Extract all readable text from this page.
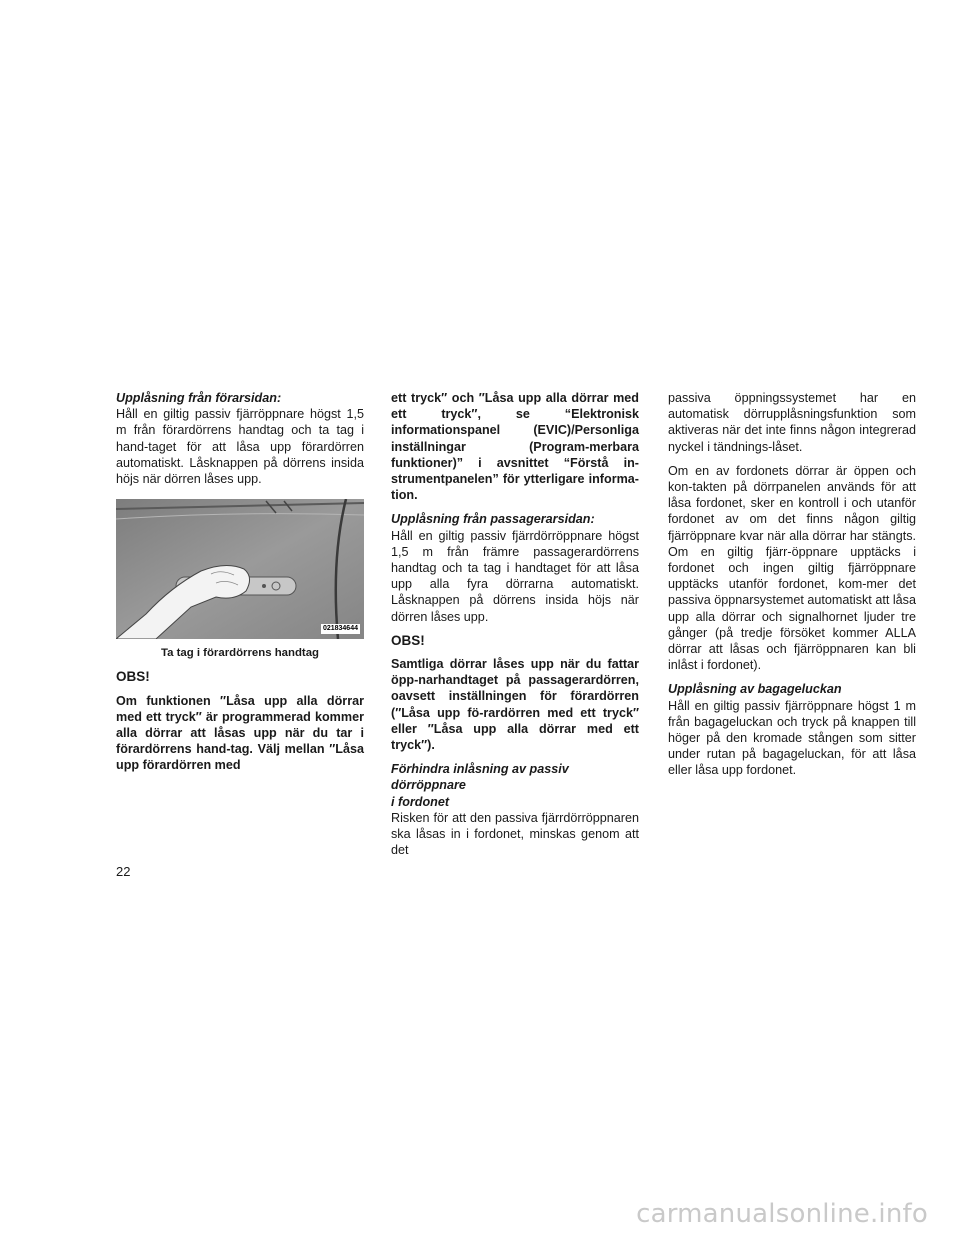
Upplåsning från förarsidan:

Håll en giltig passiv fjärröppnare högst 1,5 m från förardörrens handtag och ta tag i hand-taget för att låsa upp förardörren automatiskt. Låsknappen på dörrens insida höjs när dörren låses upp.

021834644
Ta tag i förardörrens handtag
OBS!

Om funktionen ″Låsa upp alla dörrar med ett tryck″ är programmerad kommer alla dörrar att låsas upp när du tar i förardörrens hand-tag. Välj mellan ″Låsa upp förardörren med

ett tryck″ och ″Låsa upp alla dörrar med ett tryck″, se “Elektronisk informationspanel (EVIC)/Personliga inställningar (Program-merbara funktioner)” i avsnittet “Förstå in-strumentpanelen” för ytterligare informa-tion.

Upplåsning från passagerarsidan:

Håll en giltig passiv fjärrdörröppnare högst 1,5 m från främre passagerardörrens handtag och ta tag i handtaget för att låsa upp alla fyra dörrarna automatiskt. Låsknappen på dörrens insida höjs när dörren låses upp.

OBS!

Samtliga dörrar låses upp när du fattar öpp-narhandtaget på passagerardörren, oavsett inställningen för förardörren (″Låsa upp fö-rardörren med ett tryck″ eller ″Låsa upp alla dörrar med ett tryck″).

Förhindra inlåsning av passiv dörröppnare
i fordonet

Risken för att den passiva fjärrdörröppnaren ska låsas in i fordonet, minskas genom att det

passiva öppningssystemet har en automatisk dörrupplåsningsfunktion som aktiveras när det inte finns någon integrerad nyckel i tändnings-låset.

Om en av fordonets dörrar är öppen och kon-takten på dörrpanelen används för att låsa fordonet, sker en kontroll i och utanför fordonet av om det finns någon giltig fjärröppnare kvar när alla dörrar har stängts. Om en giltig fjärr-öppnare upptäcks i fordonet och ingen giltig fjärröppnare upptäcks utanför fordonet, kom-mer det passiva öppnarsystemet automatiskt att låsa upp alla dörrar och signalhornet ljuder tre gånger (på tredje försöket kommer ALLA dörrar att låsas och fjärröppnaren kan bli inlåst i fordonet).

Upplåsning av bagageluckan

Håll en giltig passiv fjärröppnare högst 1 m från bagageluckan och tryck på knappen till höger på den kromade stången som sitter under rutan på bagageluckan, för att låsa eller låsa upp fordonet.

22
carmanualsonline.info
